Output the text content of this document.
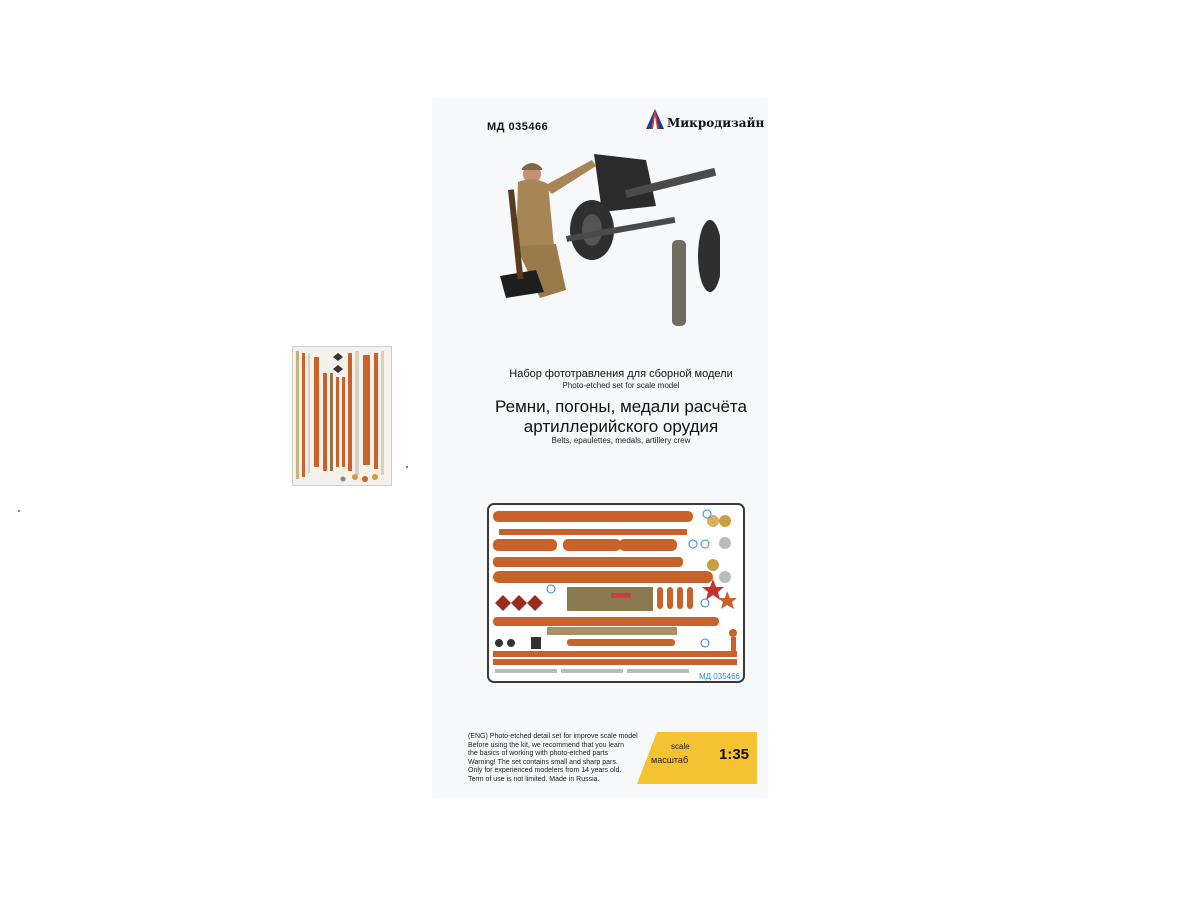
МД 035466	Микродизайн
Набор фототравления для сборной модели
Photo-etched set for scale model
Ремни, погоны, медали расчёта
артиллерийского орудия
Belts, epaulettes, medals, artillery crew
МД 035466
(ENG) Photo-etched detail set for improve scale model
Before using the kit, we recommend that you learn
the basics of working with photo-etched parts
Warning! The set contains small and sharp pars.
Only for experienced modelers from 14 years old.
Term of use is not limited. Made in Russia.
scale
масштаб 1:35
